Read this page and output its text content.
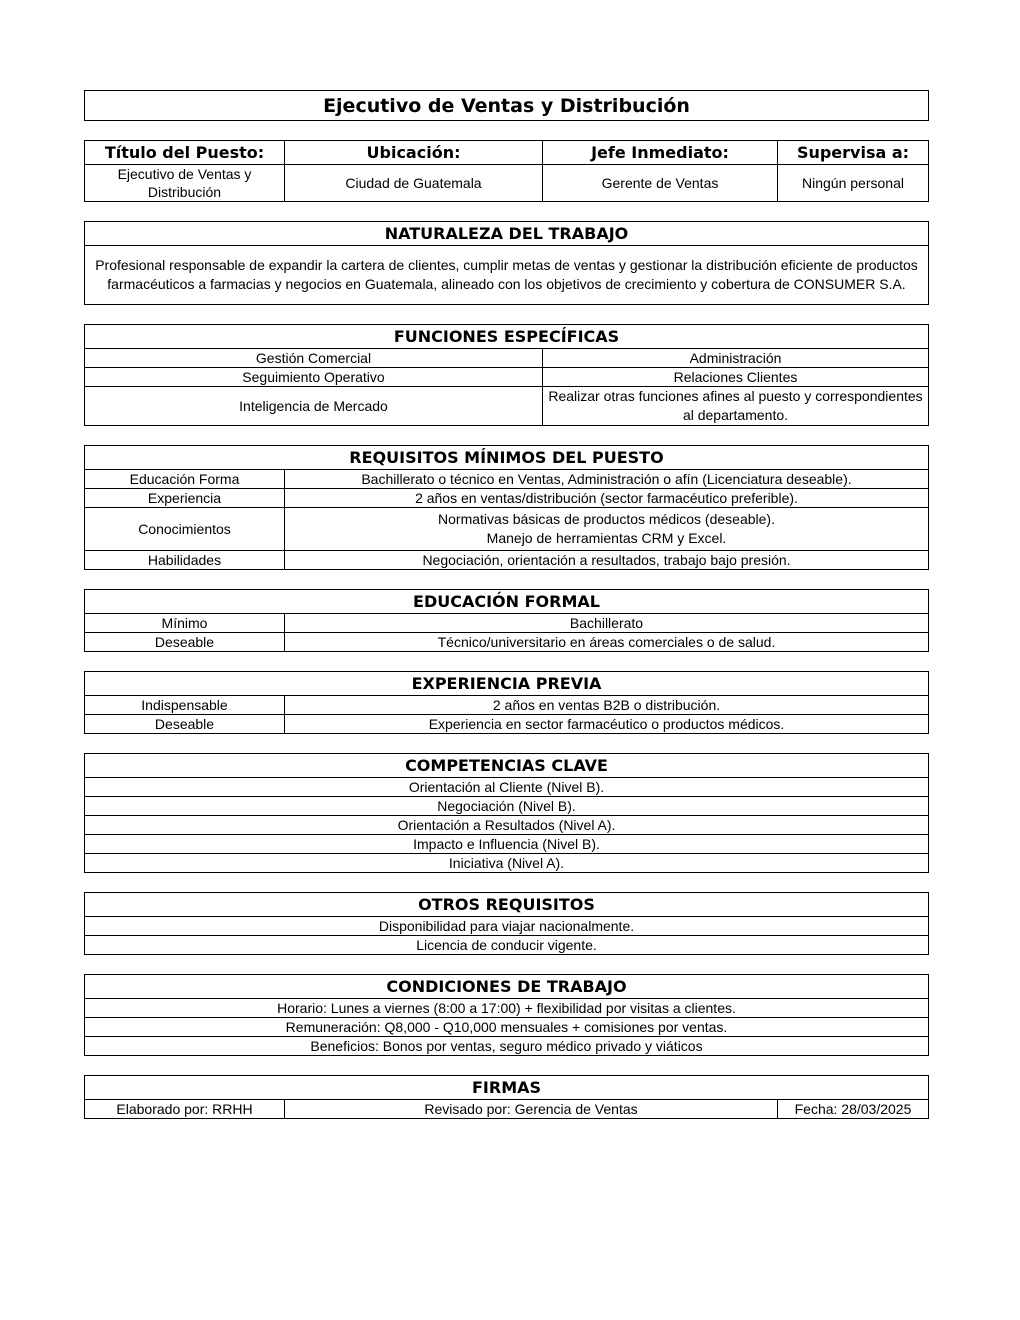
Ejecutivo de Ventas y Distribución			

Título del Puesto:	Ubicación:	Jefe Inmediato:	Supervisa a:
Ejecutivo de Ventas y Distribución	Ciudad de Guatemala	Gerente de Ventas	Ningún personal

NATURALEZA DEL TRABAJO			
Profesional responsable de expandir la cartera de clientes, cumplir metas de ventas y gestionar la distribución eficiente de productos farmacéuticos a farmacias y negocios en Guatemala, alineado con los objetivos de crecimiento y cobertura de CONSUMER S.A.			

FUNCIONES ESPECÍFICAS			
Gestión Comercial		Administración	
Seguimiento Operativo		Relaciones Clientes	
Inteligencia de Mercado		Realizar otras funciones afines al puesto y correspondientes al departamento.	

REQUISITOS MÍNIMOS DEL PUESTO			
Educación Forma	Bachillerato o técnico en Ventas, Administración o afín (Licenciatura deseable).		
Experiencia	2 años en ventas/distribución (sector farmacéutico preferible).		
Conocimientos	Normativas básicas de productos médicos (deseable).
Manejo de herramientas CRM y Excel.		

Habilidades	Negociación, orientación a resultados, trabajo bajo presión.		

EDUCACIÓN FORMAL			
Mínimo	Bachillerato		
Deseable	Técnico/universitario en áreas comerciales o de salud.		

EXPERIENCIA PREVIA			
Indispensable	2 años en ventas B2B o distribución.		
Deseable	Experiencia en sector farmacéutico o productos médicos.		

COMPETENCIAS CLAVE			
Orientación al Cliente (Nivel B).			
Negociación (Nivel B).			
Orientación a Resultados (Nivel A).			
Impacto e Influencia (Nivel B).			
Iniciativa (Nivel A).			

OTROS REQUISITOS			
Disponibilidad para viajar nacionalmente.			
Licencia de conducir vigente.			

CONDICIONES DE TRABAJO			
Horario: Lunes a viernes (8:00 a 17:00) + flexibilidad por visitas a clientes.			
Remuneración: Q8,000 - Q10,000 mensuales + comisiones por ventas.			
Beneficios: Bonos por ventas, seguro médico privado y viáticos			

FIRMAS			
Elaborado por: RRHH	Revisado por: Gerencia de Ventas		Fecha: 28/03/2025
